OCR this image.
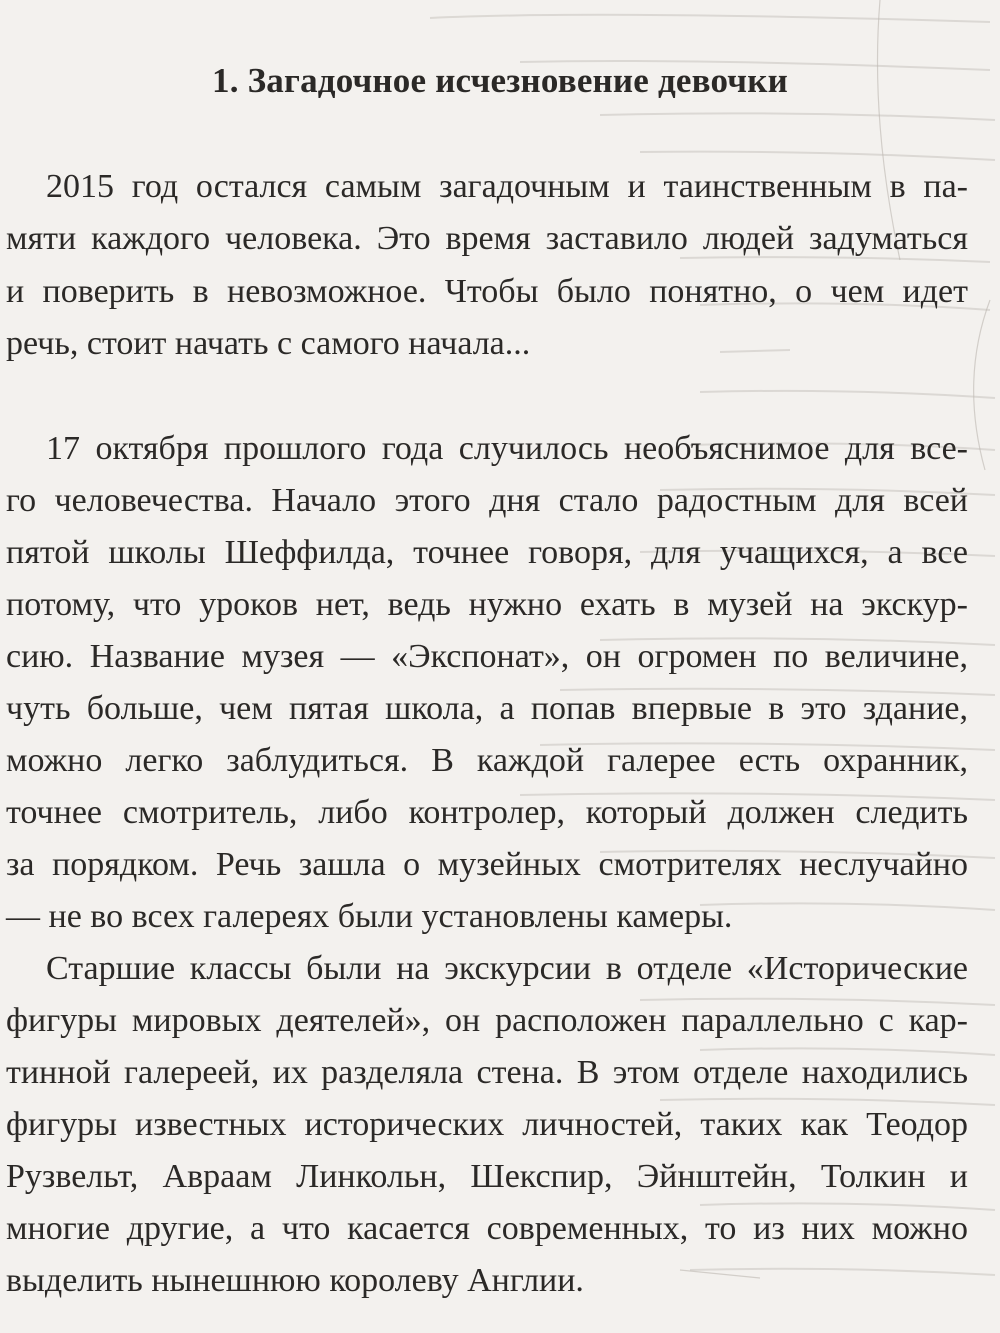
1. Загадочное исчезновение девочки
2015 год остался самым загадочным и таинственным в па-
мяти каждого человека. Это время заставило людей задуматься
и поверить в невозможное. Чтобы было понятно, о чем идет
речь, стоит начать с самого начала...
17 октября прошлого года случилось необъяснимое для все-
го человечества. Начало этого дня стало радостным для всей
пятой школы Шеффилда, точнее говоря, для учащихся, а все
потому, что уроков нет, ведь нужно ехать в музей на экскур-
сию. Название музея — «Экспонат», он огромен по величине,
чуть больше, чем пятая школа, а попав впервые в это здание,
можно легко заблудиться. В каждой галерее есть охранник,
точнее смотритель, либо контролер, который должен следить
за порядком. Речь зашла о музейных смотрителях неслучайно
— не во всех галереях были установлены камеры.
Старшие классы были на экскурсии в отделе «Исторические
фигуры мировых деятелей», он расположен параллельно с кар-
тинной галереей, их разделяла стена. В этом отделе находились
фигуры известных исторических личностей, таких как Теодор
Рузвельт, Авраам Линкольн, Шекспир, Эйнштейн, Толкин и
многие другие, а что касается современных, то из них можно
выделить нынешнюю королеву Англии.
